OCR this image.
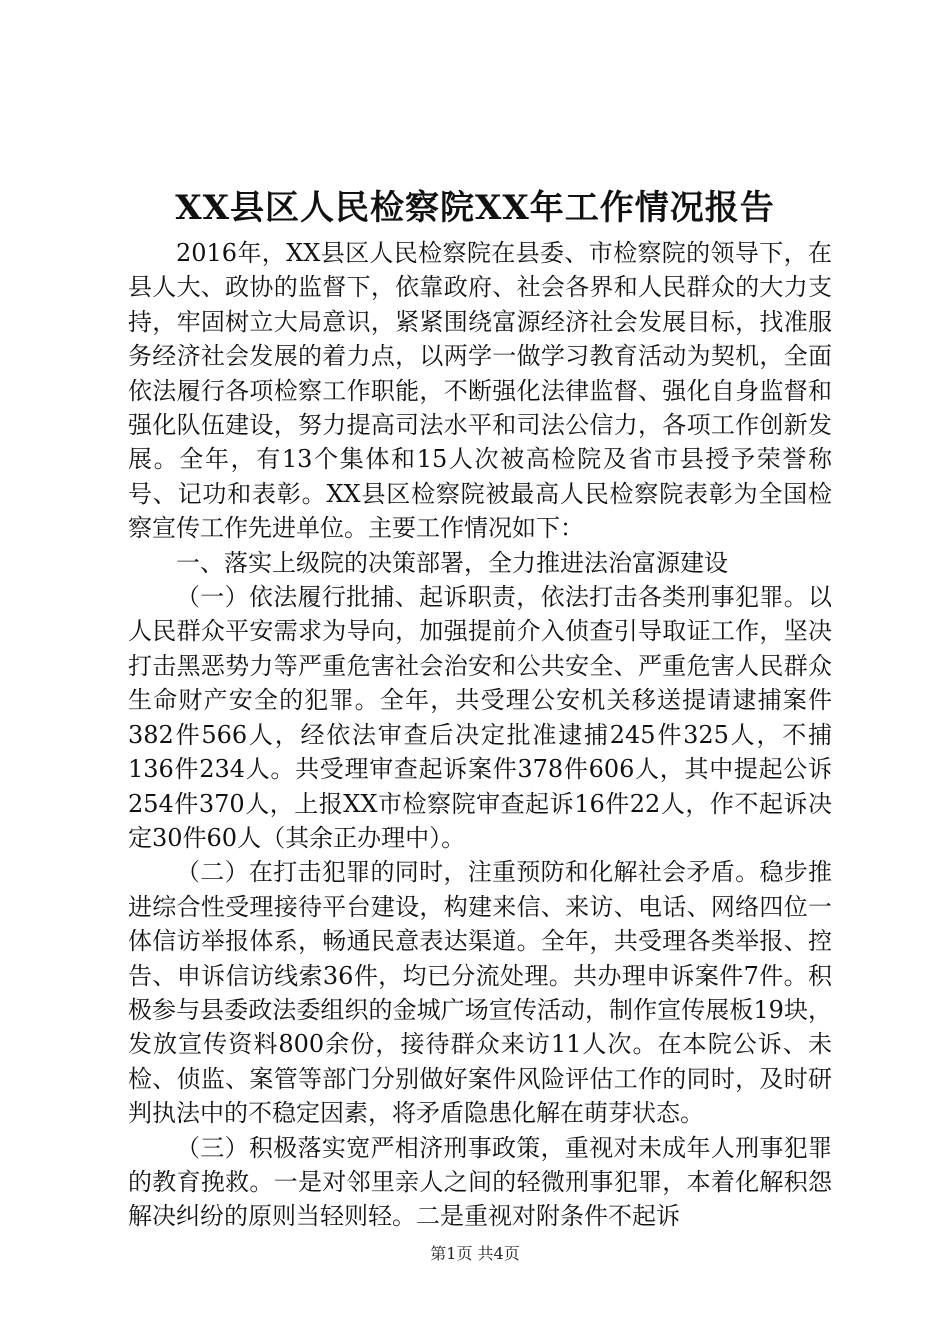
XX县区人民检察院XX年工作情况报告

2016年，XX县区人民检察院在县委、市检察院的领导下，在县人大、政协的监督下，依靠政府、社会各界和人民群众的大力支持，牢固树立大局意识，紧紧围绕富源经济社会发展目标，找准服务经济社会发展的着力点，以两学一做学习教育活动为契机，全面依法履行各项检察工作职能，不断强化法律监督、强化自身监督和强化队伍建设，努力提高司法水平和司法公信力，各项工作创新发展。全年，有13个集体和15人次被高检院及省市县授予荣誉称号、记功和表彰。XX县区检察院被最高人民检察院表彰为全国检察宣传工作先进单位。主要工作情况如下：

一、落实上级院的决策部署，全力推进法治富源建设

（一）依法履行批捕、起诉职责，依法打击各类刑事犯罪。以人民群众平安需求为导向，加强提前介入侦查引导取证工作，坚决打击黑恶势力等严重危害社会治安和公共安全、严重危害人民群众生命财产安全的犯罪。全年，共受理公安机关移送提请逮捕案件382件566人，经依法审查后决定批准逮捕245件325人，不捕136件234人。共受理审查起诉案件378件606人，其中提起公诉254件370人，上报XX市检察院审查起诉16件22人，作不起诉决定30件60人（其余正办理中）。

（二）在打击犯罪的同时，注重预防和化解社会矛盾。稳步推进综合性受理接待平台建设，构建来信、来访、电话、网络四位一体信访举报体系，畅通民意表达渠道。全年，共受理各类举报、控告、申诉信访线索36件，均已分流处理。共办理申诉案件7件。积极参与县委政法委组织的金城广场宣传活动，制作宣传展板19块，发放宣传资料800余份，接待群众来访11人次。在本院公诉、未检、侦监、案管等部门分别做好案件风险评估工作的同时，及时研判执法中的不稳定因素，将矛盾隐患化解在萌芽状态。

（三）积极落实宽严相济刑事政策，重视对未成年人刑事犯罪的教育挽救。一是对邻里亲人之间的轻微刑事犯罪，本着化解积怨解决纠纷的原则当轻则轻。二是重视对附条件不起诉

第1页 共4页
